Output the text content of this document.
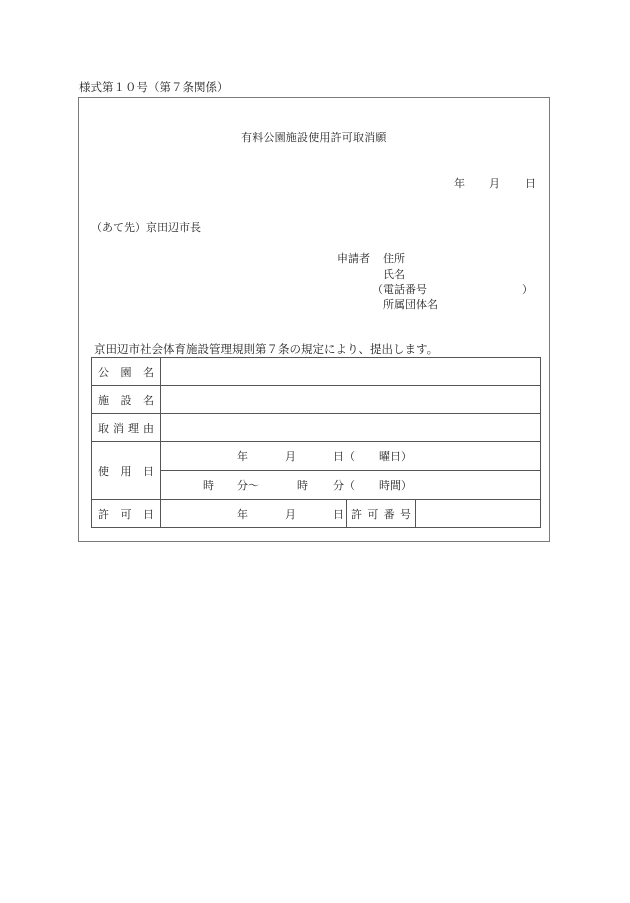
様式第１０号（第７条関係）
有料公園施設使用許可取消願
年 月 日
（あて先）京田辺市長
申請者 住所
氏名
（電話番号	）
所属団体名
京田辺市社会体育施設管理規則第７条の規定により、提出します。
公 園 名			

施 設 名			

取 消 理 由			

使 用 日	年 月 日（ 曜日）		

	時 分～ 時 分（ 時間）		

許 可 日	年 月 日	許 可 番 号	
